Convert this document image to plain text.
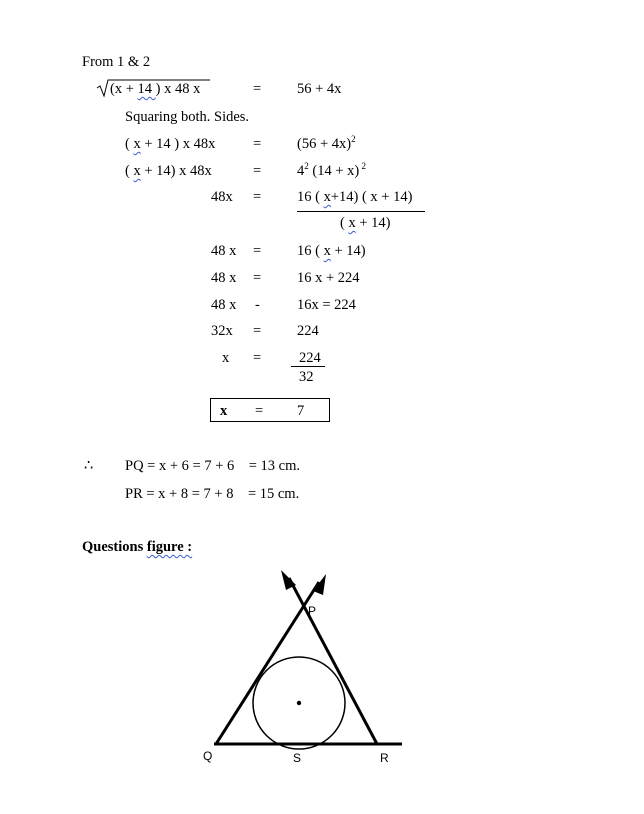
From 1 & 2
(x + 14 ) x 48 x	= 56 + 4x
Squaring both. Sides.
( x + 14 ) x 48x	= $(56 + 4x)^2$
( x + 14) x 48x	= $4^2$ (14 + x) $^2$
48x = 16 ( x+14) ( x + 14)
( x + 14)
48 x = 16 ( x + 14)
48 x = 16 x + 224
48 x -	16x = 224
32x = 224
x =	224
32
x = 7
∴ PQ = x + 6 = 7 + 6    = 13 cm.
PR = x + 8 = 7 + 8    = 15 cm.
Questions figure :
P
Q	S	R
